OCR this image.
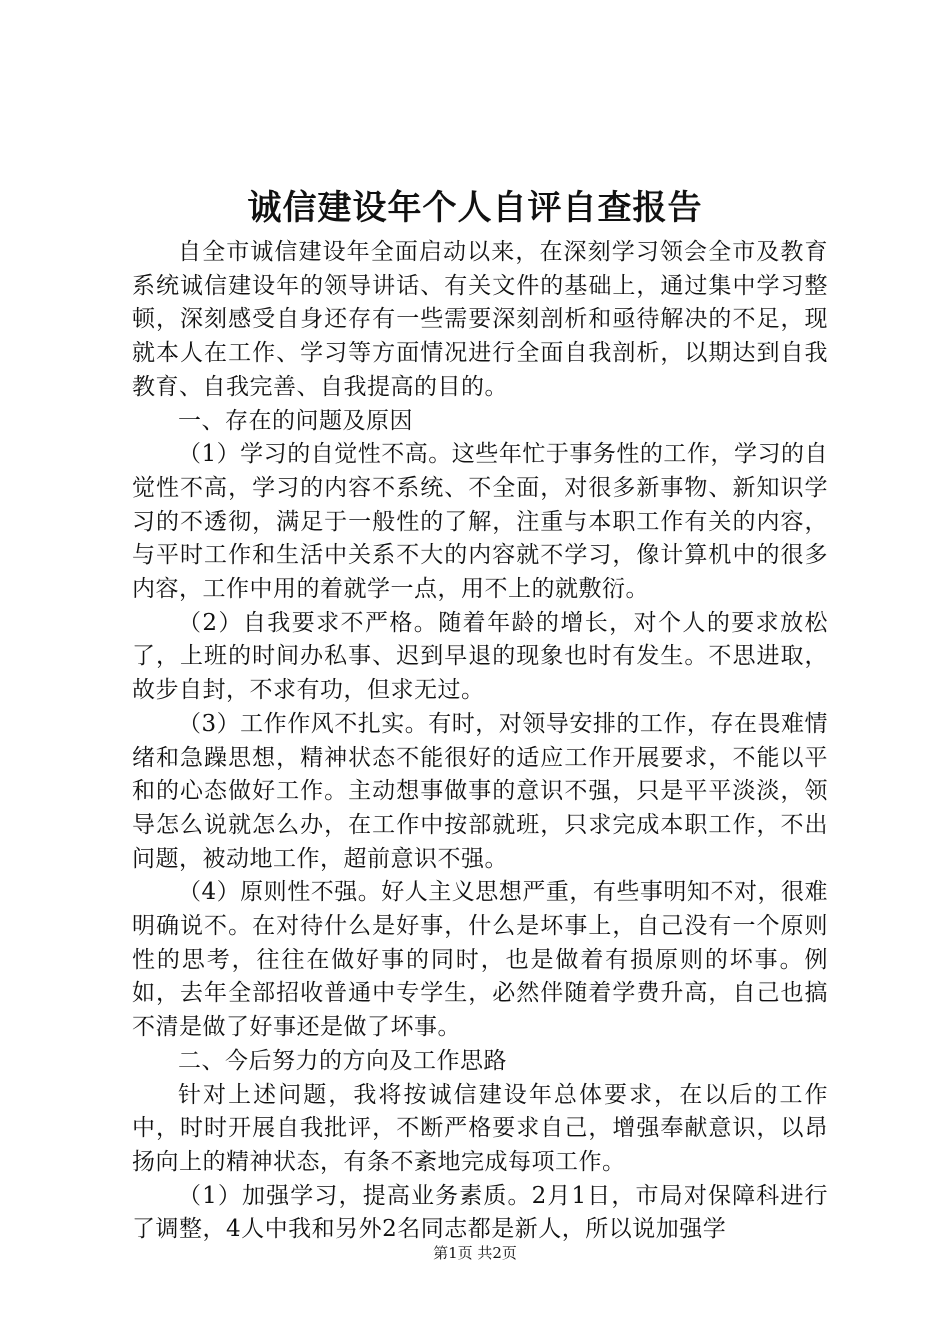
诚信建设年个人自评自查报告

自全市诚信建设年全面启动以来，在深刻学习领会全市及教育系统诚信建设年的领导讲话、有关文件的基础上，通过集中学习整顿，深刻感受自身还存有一些需要深刻剖析和亟待解决的不足，现就本人在工作、学习等方面情况进行全面自我剖析，以期达到自我教育、自我完善、自我提高的目的。

一、存在的问题及原因

（1）学习的自觉性不高。这些年忙于事务性的工作，学习的自觉性不高，学习的内容不系统、不全面，对很多新事物、新知识学习的不透彻，满足于一般性的了解，注重与本职工作有关的内容，与平时工作和生活中关系不大的内容就不学习，像计算机中的很多内容，工作中用的着就学一点，用不上的就敷衍。

（2）自我要求不严格。随着年龄的增长，对个人的要求放松了，上班的时间办私事、迟到早退的现象也时有发生。不思进取，故步自封，不求有功，但求无过。

（3）工作作风不扎实。有时，对领导安排的工作，存在畏难情绪和急躁思想，精神状态不能很好的适应工作开展要求，不能以平和的心态做好工作。主动想事做事的意识不强，只是平平淡淡，领导怎么说就怎么办，在工作中按部就班，只求完成本职工作，不出问题，被动地工作，超前意识不强。

（4）原则性不强。好人主义思想严重，有些事明知不对，很难明确说不。在对待什么是好事，什么是坏事上，自己没有一个原则性的思考，往往在做好事的同时，也是做着有损原则的坏事。例如，去年全部招收普通中专学生，必然伴随着学费升高，自己也搞不清是做了好事还是做了坏事。

二、今后努力的方向及工作思路

针对上述问题，我将按诚信建设年总体要求，在以后的工作中，时时开展自我批评，不断严格要求自己，增强奉献意识，以昂扬向上的精神状态，有条不紊地完成每项工作。

（1）加强学习，提高业务素质。2月1日，市局对保障科进行了调整，4人中我和另外2名同志都是新人，所以说加强学

第1页 共2页
